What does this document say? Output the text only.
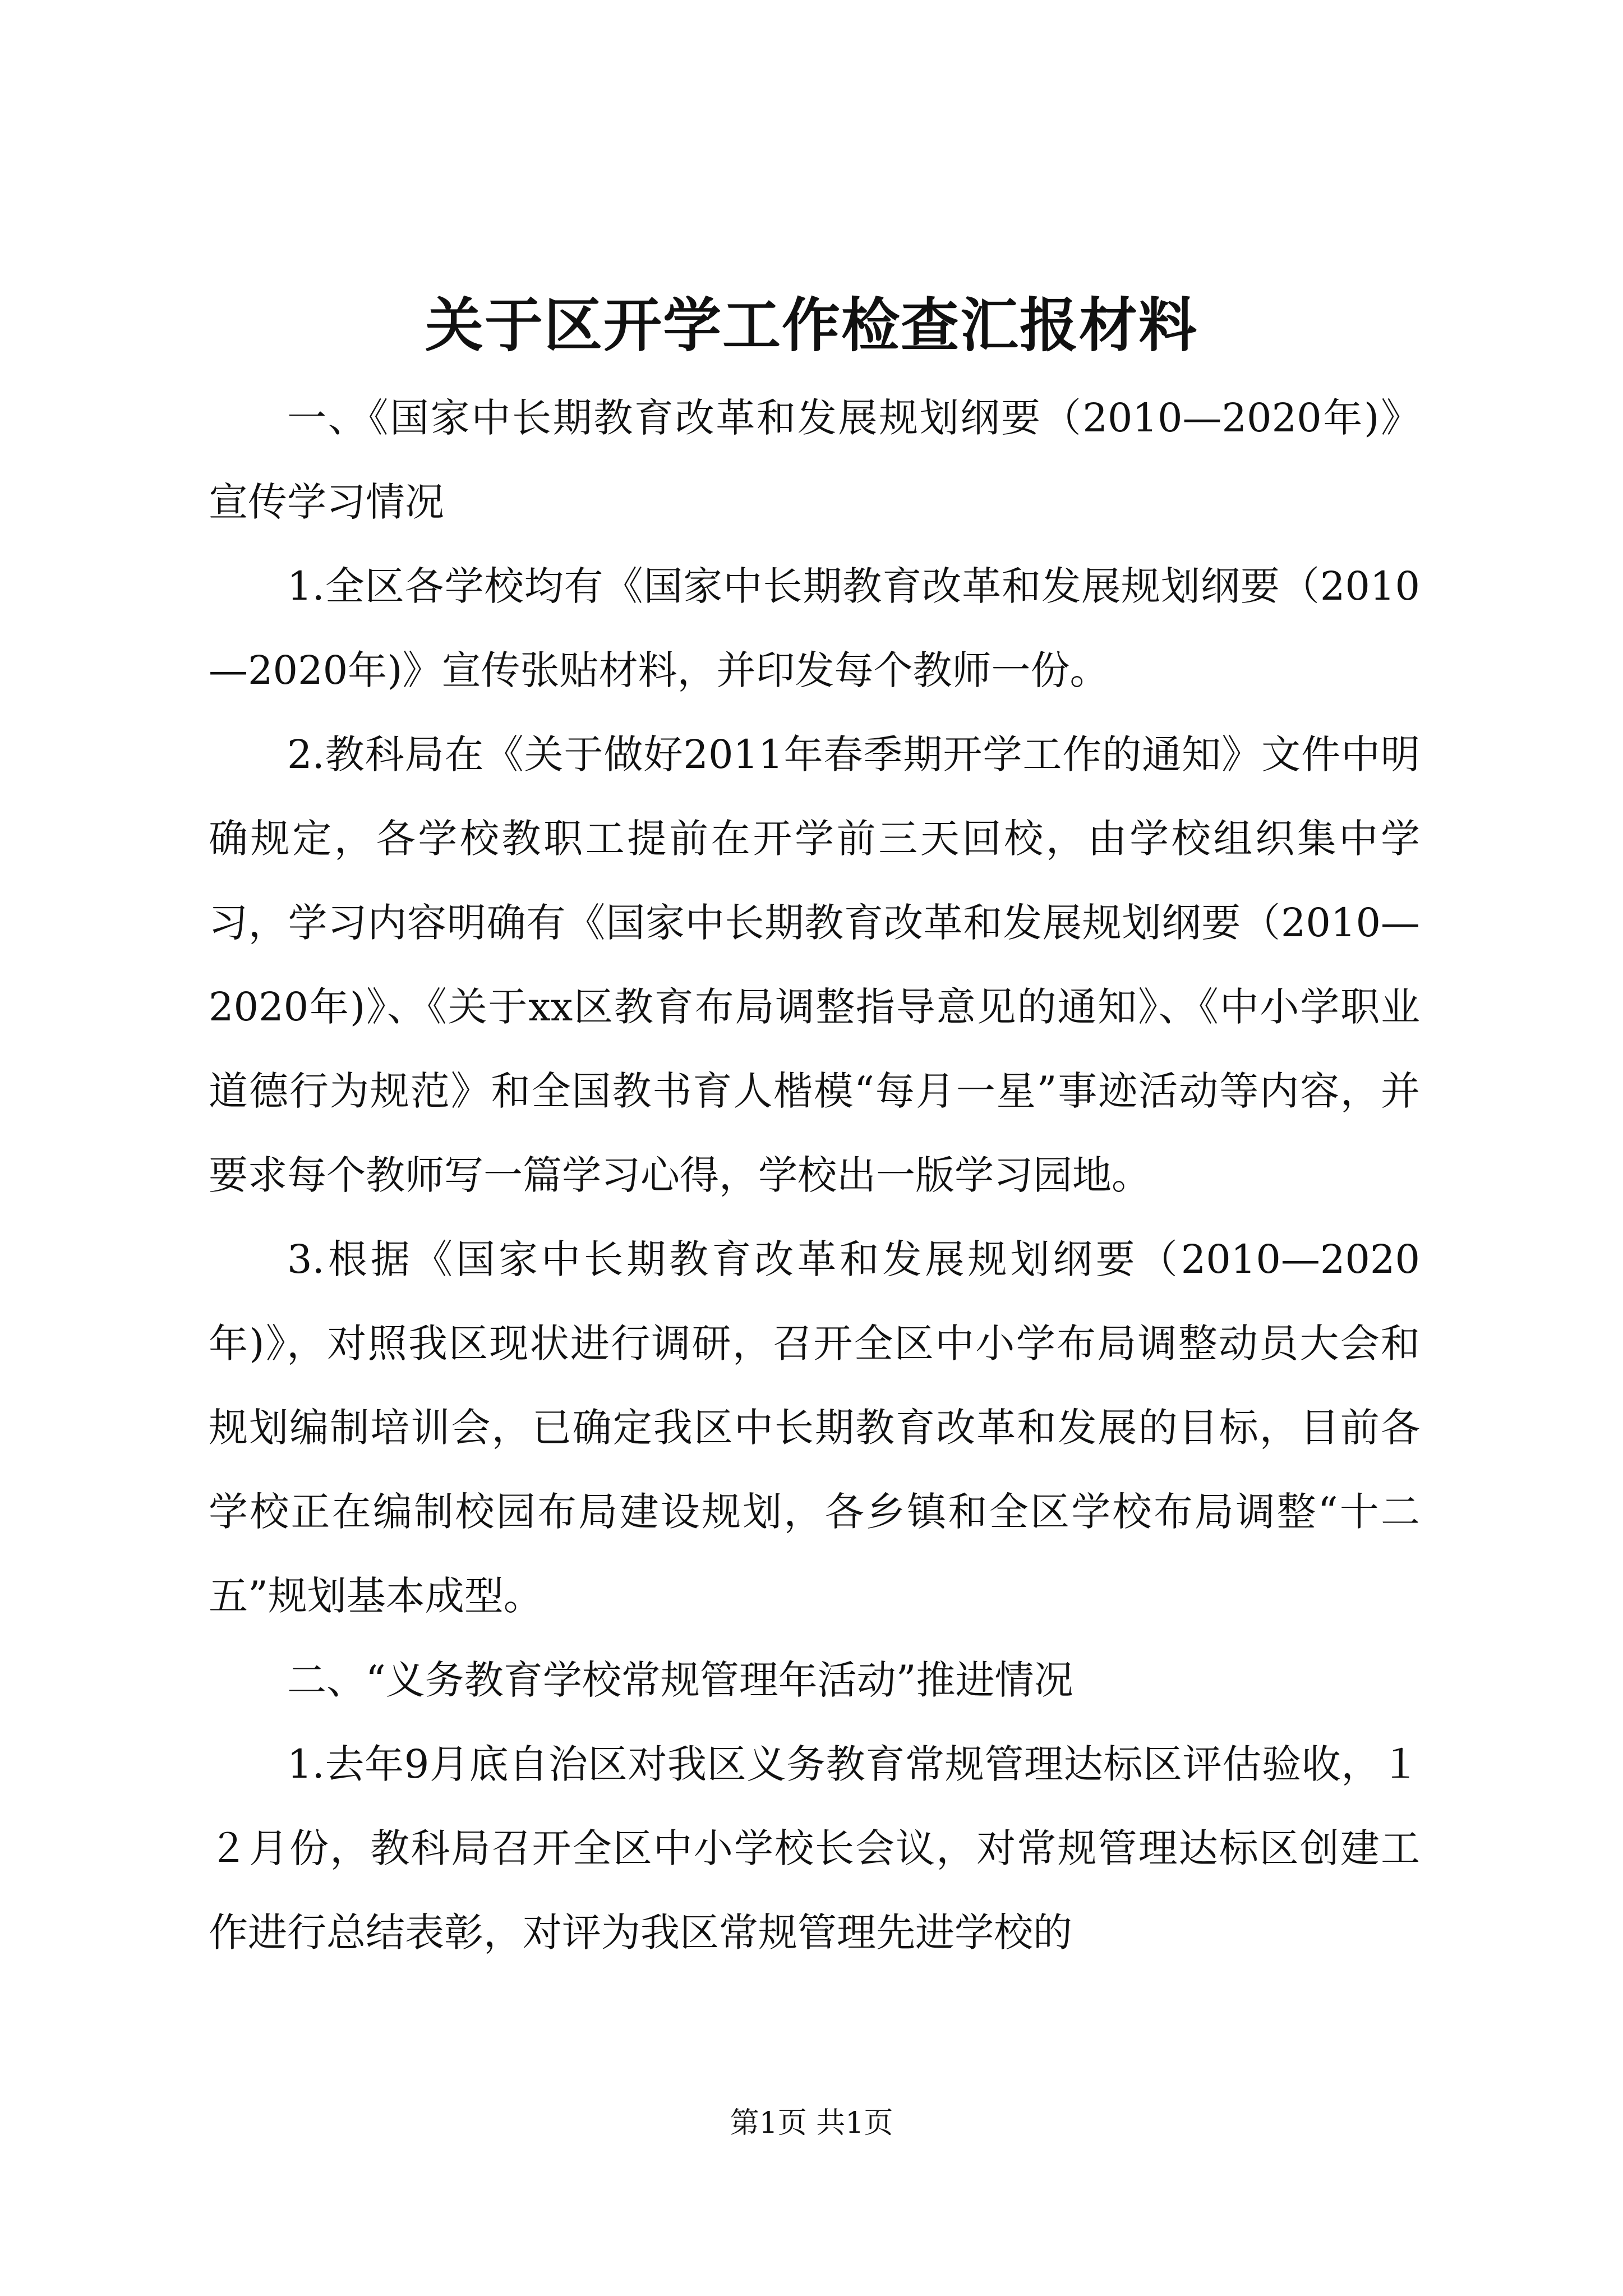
关于区开学工作检查汇报材料

一、《国家中长期教育改革和发展规划纲要（2010—2020年)》宣传学习情况

1.全区各学校均有《国家中长期教育改革和发展规划纲要（2010—2020年)》宣传张贴材料，并印发每个教师一份。

2.教科局在《关于做好2011年春季期开学工作的通知》文件中明确规定，各学校教职工提前在开学前三天回校，由学校组织集中学习，学习内容明确有《国家中长期教育改革和发展规划纲要（2010—2020年)》、《关于xx区教育布局调整指导意见的通知》、《中小学职业道德行为规范》和全国教书育人楷模“每月一星”事迹活动等内容，并要求每个教师写一篇学习心得，学校出一版学习园地。

3.根据《国家中长期教育改革和发展规划纲要（2010—2020年)》，对照我区现状进行调研，召开全区中小学布局调整动员大会和规划编制培训会，已确定我区中长期教育改革和发展的目标，目前各学校正在编制校园布局建设规划，各乡镇和全区学校布局调整“十二五”规划基本成型。

二、“义务教育学校常规管理年活动”推进情况

1.去年9月底自治区对我区义务教育常规管理达标区评估验收，１２月份，教科局召开全区中小学校长会议，对常规管理达标区创建工作进行总结表彰，对评为我区常规管理先进学校的

第1页 共1页
